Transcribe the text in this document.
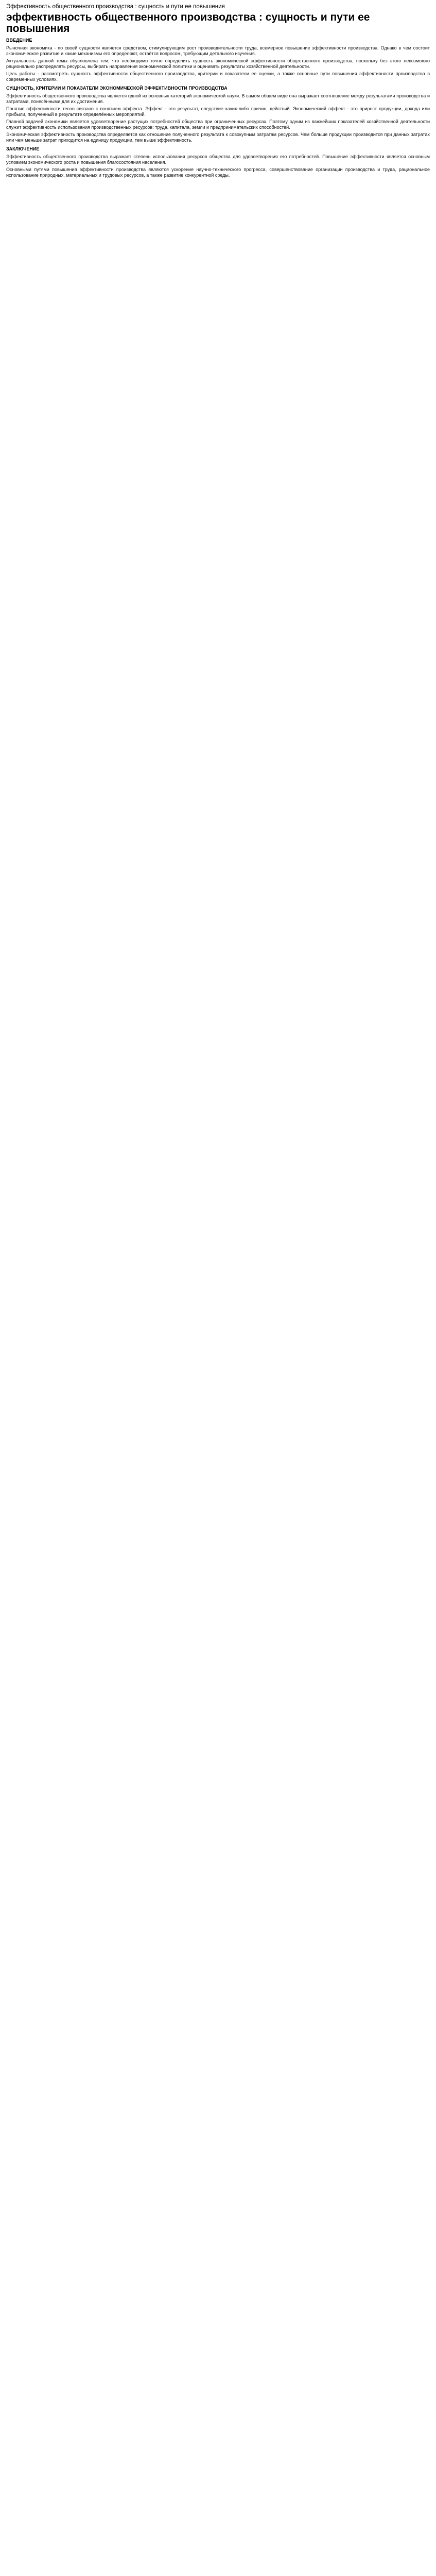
Эффективность общественного производства : сущность и пути ее повышения
эффективность общественного производства : сущность и пути ее повышения
ВВЕДЕНИЕ

Рыночная экономика - по своей сущности является средством, стимулирующим рост производительности труда, всемерное повышение эффективности производства. Однако в чем состоит экономическое развитие и какие механизмы его определяют, остаётся вопросом, требующим детального изучения.

Актуальность данной темы обусловлена тем, что необходимо точно определить сущность экономической эффективности общественного производства, поскольку без этого невозможно рационально распределять ресурсы, выбирать направления экономической политики и оценивать результаты хозяйственной деятельности.

Цель работы - рассмотреть сущность эффективности общественного производства, критерии и показатели ее оценки, а также основные пути повышения эффективности производства в современных условиях.

СУЩНОСТЬ, КРИТЕРИИ И ПОКАЗАТЕЛИ ЭКОНОМИЧЕСКОЙ ЭФФЕКТИВНОСТИ ПРОИЗВОДСТВА

Эффективность общественного производства является одной из основных категорий экономической науки. В самом общем виде она выражает соотношение между результатами производства и затратами, понесёнными для их достижения.

Понятие эффективности тесно связано с понятием эффекта. Эффект - это результат, следствие каких-либо причин, действий. Экономический эффект - это прирост продукции, дохода или прибыли, полученный в результате определённых мероприятий.

Главной задачей экономики является удовлетворение растущих потребностей общества при ограниченных ресурсах. Поэтому одним из важнейших показателей хозяйственной деятельности служит эффективность использования производственных ресурсов: труда, капитала, земли и предпринимательских способностей.

Экономическая эффективность производства определяется как отношение полученного результата к совокупным затратам ресурсов. Чем больше продукции производится при данных затратах или чем меньше затрат приходится на единицу продукции, тем выше эффективность.

ЗАКЛЮЧЕНИЕ

Эффективность общественного производства выражает степень использования ресурсов общества для удовлетворения его потребностей. Повышение эффективности является основным условием экономического роста и повышения благосостояния населения.

Основными путями повышения эффективности производства являются ускорение научно-технического прогресса, совершенствование организации производства и труда, рациональное использование природных, материальных и трудовых ресурсов, а также развитие конкурентной среды.
